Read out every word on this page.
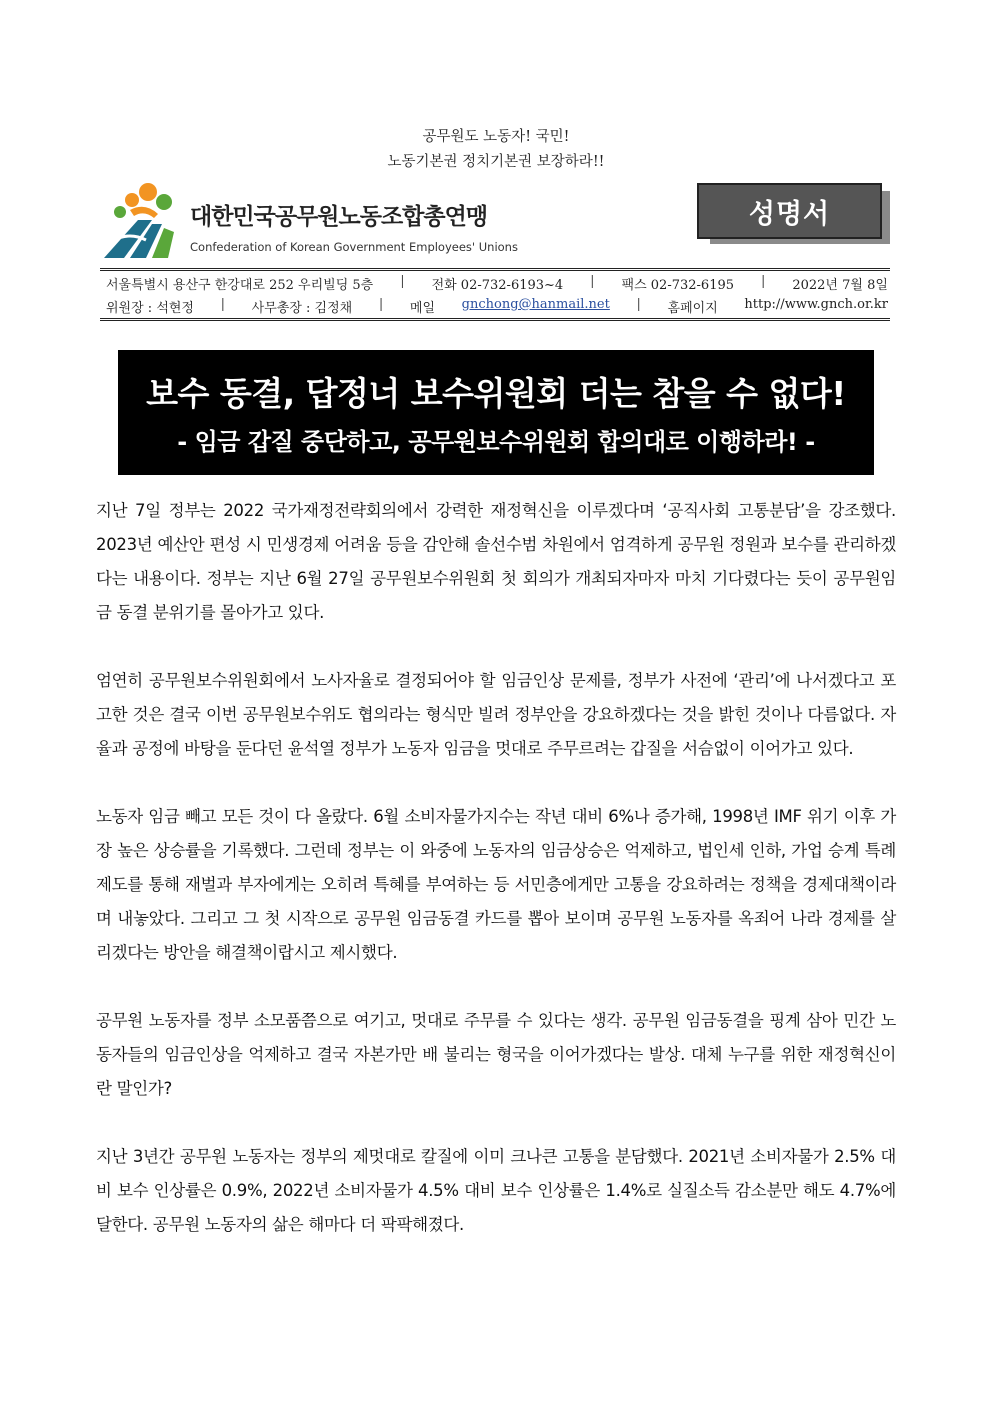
공무원도 노동자! 국민!
노동기본권 정치기본권 보장하라!!
대한민국공무원노동조합총연맹
Confederation of Korean Government Employees' Unions
성명서
서울특별시 용산구 한강대로 252 우리빌딩 5층 | 전화 02-732-6193~4 | 팩스 02-732-6195 | 2022년 7월 8일
위원장 : 석현정 | 사무총장 : 김정채 | 메일 gnchong@hanmail.net | 홈페이지 http://www.gnch.or.kr
보수 동결, 답정너 보수위원회 더는 참을 수 없다!
- 임금 갑질 중단하고, 공무원보수위원회 합의대로 이행하라! -

지난 7일 정부는 2022 국가재정전략회의에서 강력한 재정혁신을 이루겠다며 ‘공직사회 고통분담’을 강조했다. 2023년 예산안 편성 시 민생경제 어려움 등을 감안해 솔선수범 차원에서 엄격하게 공무원 정원과 보수를 관리하겠다는 내용이다. 정부는 지난 6월 27일 공무원보수위원회 첫 회의가 개최되자마자 마치 기다렸다는 듯이 공무원임금 동결 분위기를 몰아가고 있다.

엄연히 공무원보수위원회에서 노사자율로 결정되어야 할 임금인상 문제를, 정부가 사전에 ‘관리’에 나서겠다고 포고한 것은 결국 이번 공무원보수위도 협의라는 형식만 빌려 정부안을 강요하겠다는 것을 밝힌 것이나 다름없다. 자율과 공정에 바탕을 둔다던 윤석열 정부가 노동자 임금을 멋대로 주무르려는 갑질을 서슴없이 이어가고 있다.

노동자 임금 빼고 모든 것이 다 올랐다. 6월 소비자물가지수는 작년 대비 6%나 증가해, 1998년 IMF 위기 이후 가장 높은 상승률을 기록했다. 그런데 정부는 이 와중에 노동자의 임금상승은 억제하고, 법인세 인하, 가업 승계 특례제도를 통해 재벌과 부자에게는 오히려 특혜를 부여하는 등 서민층에게만 고통을 강요하려는 정책을 경제대책이라며 내놓았다. 그리고 그 첫 시작으로 공무원 임금동결 카드를 뽑아 보이며 공무원 노동자를 옥죄어 나라 경제를 살리겠다는 방안을 해결책이랍시고 제시했다.

공무원 노동자를 정부 소모품쯤으로 여기고, 멋대로 주무를 수 있다는 생각. 공무원 임금동결을 핑계 삼아 민간 노동자들의 임금인상을 억제하고 결국 자본가만 배 불리는 형국을 이어가겠다는 발상. 대체 누구를 위한 재정혁신이란 말인가?

지난 3년간 공무원 노동자는 정부의 제멋대로 칼질에 이미 크나큰 고통을 분담했다. 2021년 소비자물가 2.5% 대비 보수 인상률은 0.9%, 2022년 소비자물가 4.5% 대비 보수 인상률은 1.4%로 실질소득 감소분만 해도 4.7%에 달한다. 공무원 노동자의 삶은 해마다 더 팍팍해졌다.
